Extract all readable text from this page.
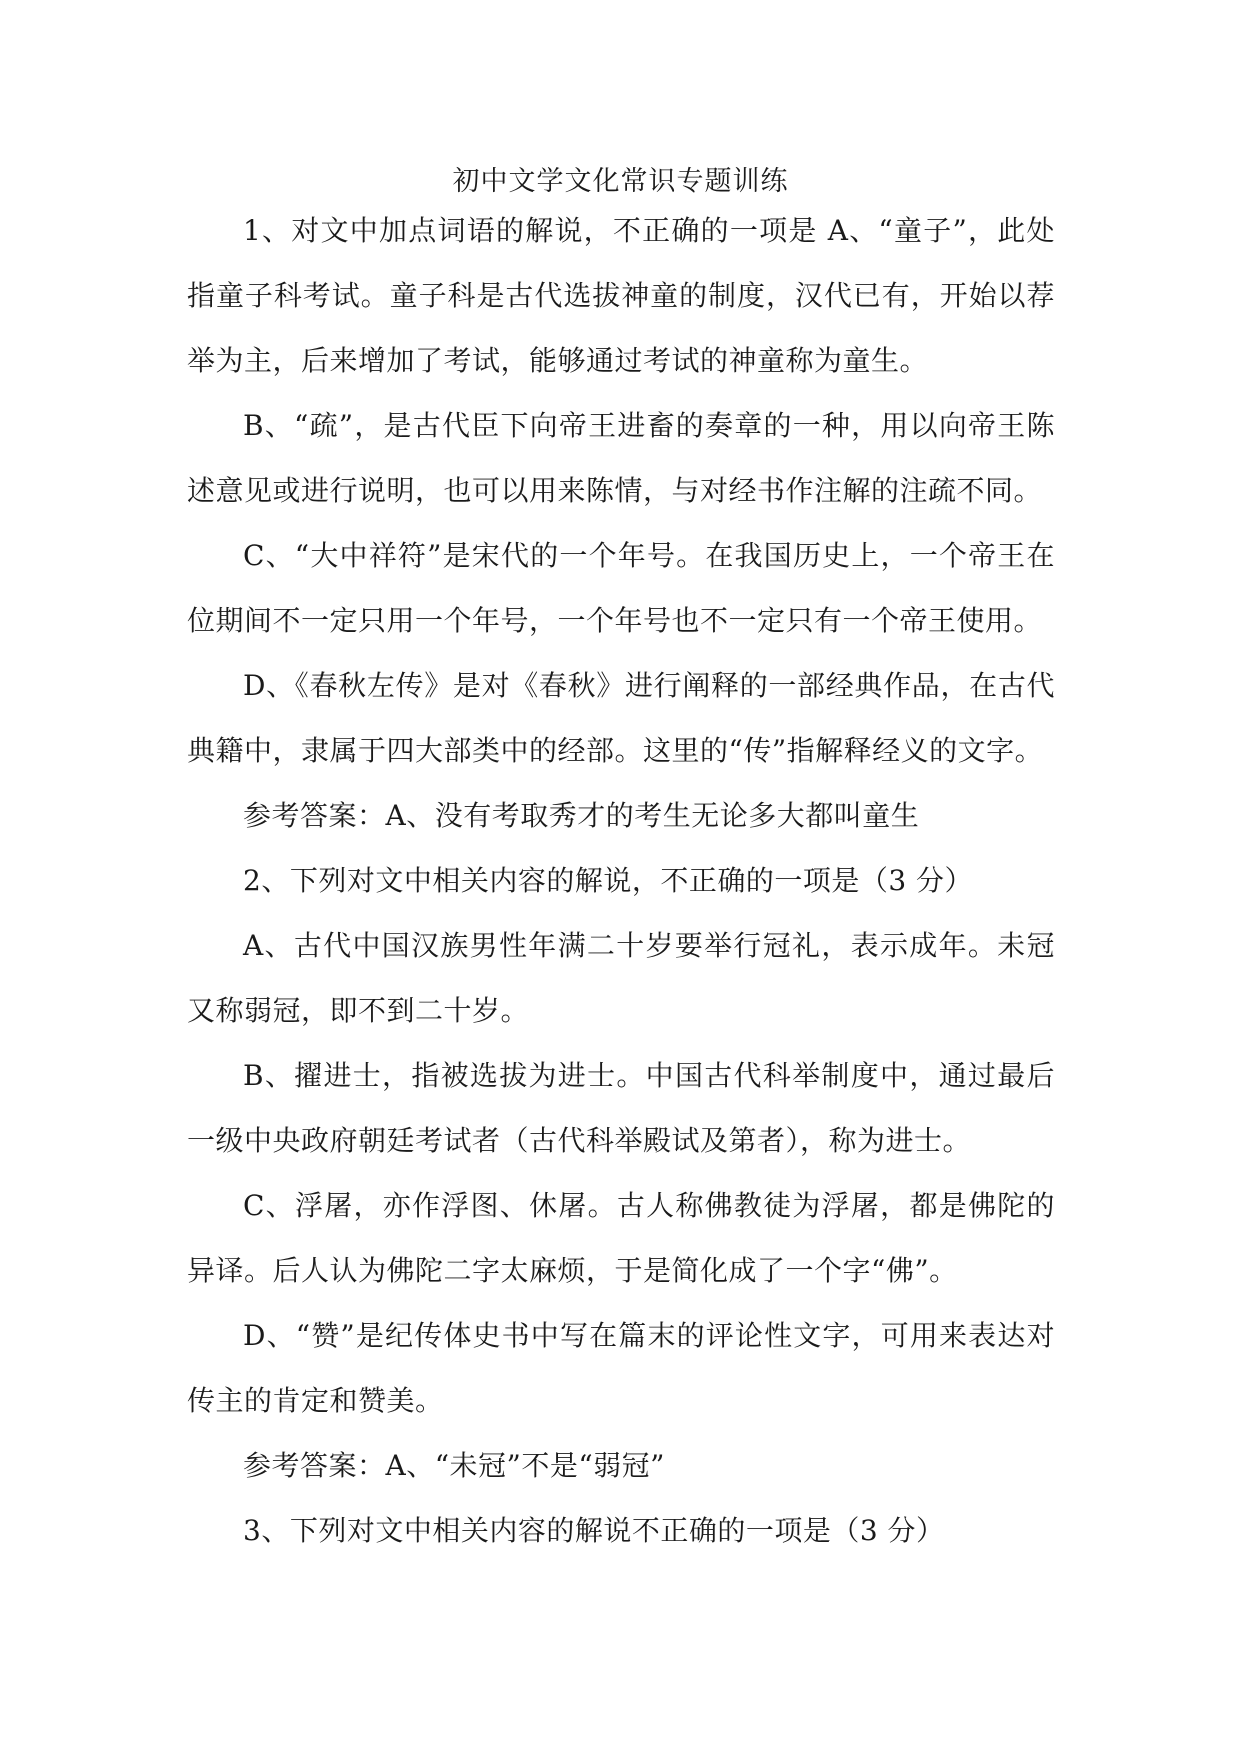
初中文学文化常识专题训练

1、对文中加点词语的解说，不正确的一项是 A、“童子”，此处指童子科考试。童子科是古代选拔神童的制度，汉代已有，开始以荐举为主，后来增加了考试，能够通过考试的神童称为童生。

B、“疏”，是古代臣下向帝王进畜的奏章的一种，用以向帝王陈述意见或进行说明，也可以用来陈情，与对经书作注解的注疏不同。

C、“大中祥符”是宋代的一个年号。在我国历史上，一个帝王在位期间不一定只用一个年号，一个年号也不一定只有一个帝王使用。

D、《春秋左传》是对《春秋》进行阐释的一部经典作品，在古代典籍中，隶属于四大部类中的经部。这里的“传”指解释经义的文字。

参考答案：A、没有考取秀才的考生无论多大都叫童生

2、下列对文中相关内容的解说，不正确的一项是（3 分）

A、古代中国汉族男性年满二十岁要举行冠礼，表示成年。未冠又称弱冠，即不到二十岁。

B、擢进士，指被选拔为进士。中国古代科举制度中，通过最后一级中央政府朝廷考试者（古代科举殿试及第者），称为进士。

C、浮屠，亦作浮图、休屠。古人称佛教徒为浮屠，都是佛陀的异译。后人认为佛陀二字太麻烦，于是简化成了一个字“佛”。

D、“赞”是纪传体史书中写在篇末的评论性文字，可用来表达对传主的肯定和赞美。

参考答案：A、“未冠”不是“弱冠”

3、下列对文中相关内容的解说不正确的一项是（3 分）
